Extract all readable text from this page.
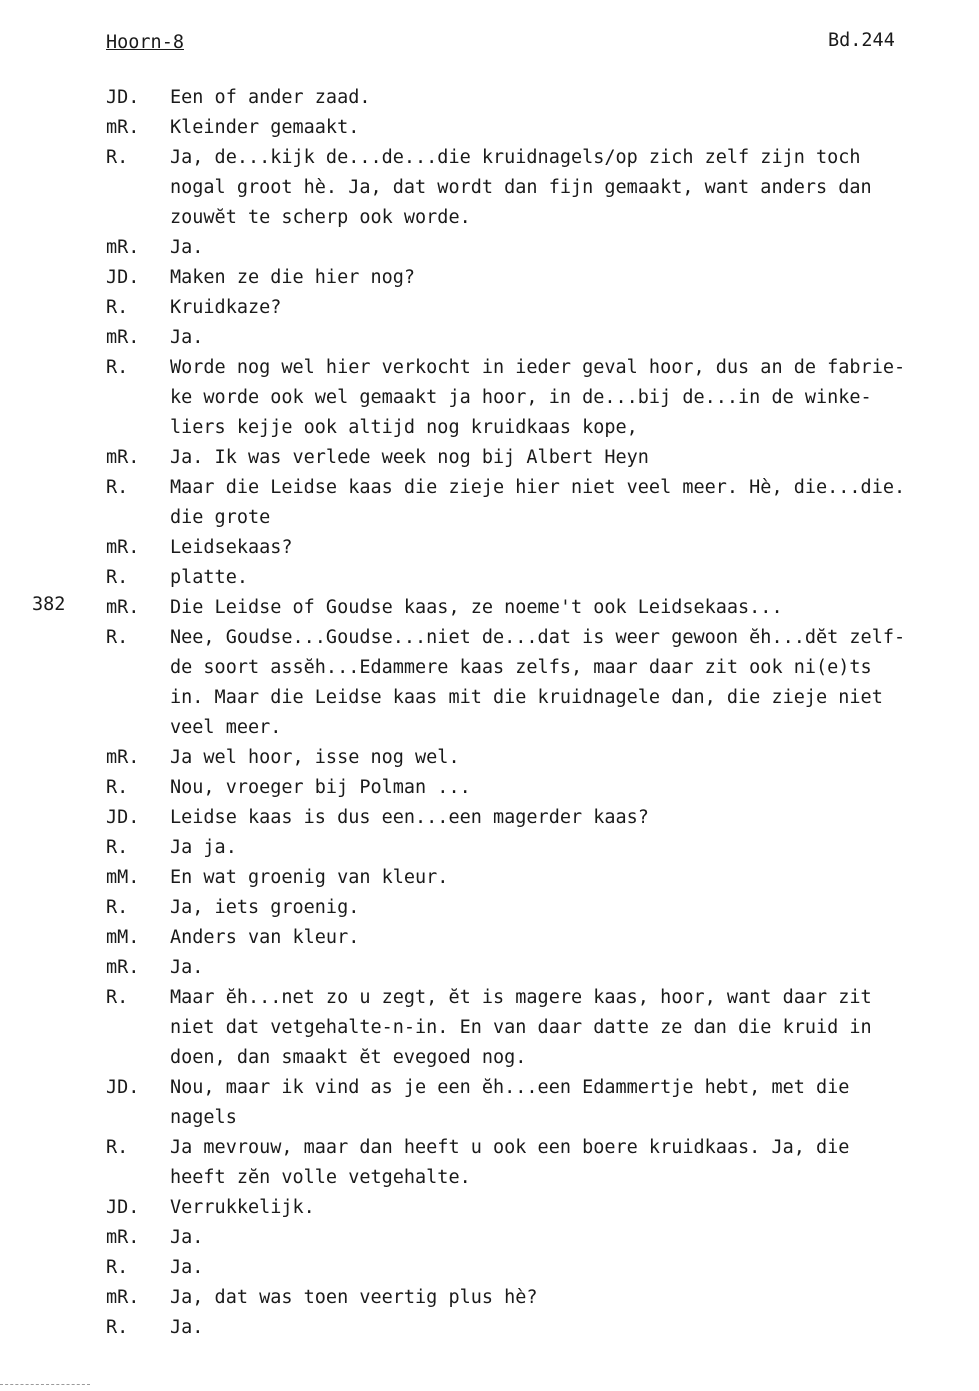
Hoorn-8	Bd.244
382
JD.	Een of ander zaad.
mR.	Kleinder gemaakt.
R.	Ja, de...kijk de...de...die kruidnagels/op zich zelf zijn toch
nogal groot hè. Ja, dat wordt dan fijn gemaakt, want anders dan
zouwĕt te scherp ook worde.
mR.	Ja.
JD.	Maken ze die hier nog?
R.	Kruidkaze?
mR.	Ja.
R.	Worde nog wel hier verkocht in ieder geval hoor, dus an de fabrie-
ke worde ook wel gemaakt ja hoor, in de...bij de...in de winke-
liers kejje ook altijd nog kruidkaas kope,
mR.	Ja. Ik was verlede week nog bij Albert Heyn
R.	Maar die Leidse kaas die zieje hier niet veel meer. Hè, die...die.
die grote
mR.	Leidsekaas?
R.	platte.
mR.	Die Leidse of Goudse kaas, ze noeme't ook Leidsekaas...
R.	Nee, Goudse...Goudse...niet de...dat is weer gewoon ĕh...dĕt zelf-
de soort assĕh...Edammere kaas zelfs, maar daar zit ook ni(e)ts
in. Maar die Leidse kaas mit die kruidnagele dan, die zieje niet
veel meer.
mR.	Ja wel hoor, isse nog wel.
R.	Nou, vroeger bij Polman ...
JD.	Leidse kaas is dus een...een magerder kaas?
R.	Ja ja.
mM.	En wat groenig van kleur.
R.	Ja, iets groenig.
mM.	Anders van kleur.
mR.	Ja.
R.	Maar ĕh...net zo u zegt, ĕt is magere kaas, hoor, want daar zit
niet dat vetgehalte-n-in. En van daar datte ze dan die kruid in
doen, dan smaakt ĕt evegoed nog.
JD.	Nou, maar ik vind as je een ĕh...een Edammertje hebt, met die
nagels
R.	Ja mevrouw, maar dan heeft u ook een boere kruidkaas. Ja, die
heeft zĕn volle vetgehalte.
JD.	Verrukkelijk.
mR.	Ja.
R.	Ja.
mR.	Ja, dat was toen veertig plus hè?
R.	Ja.
